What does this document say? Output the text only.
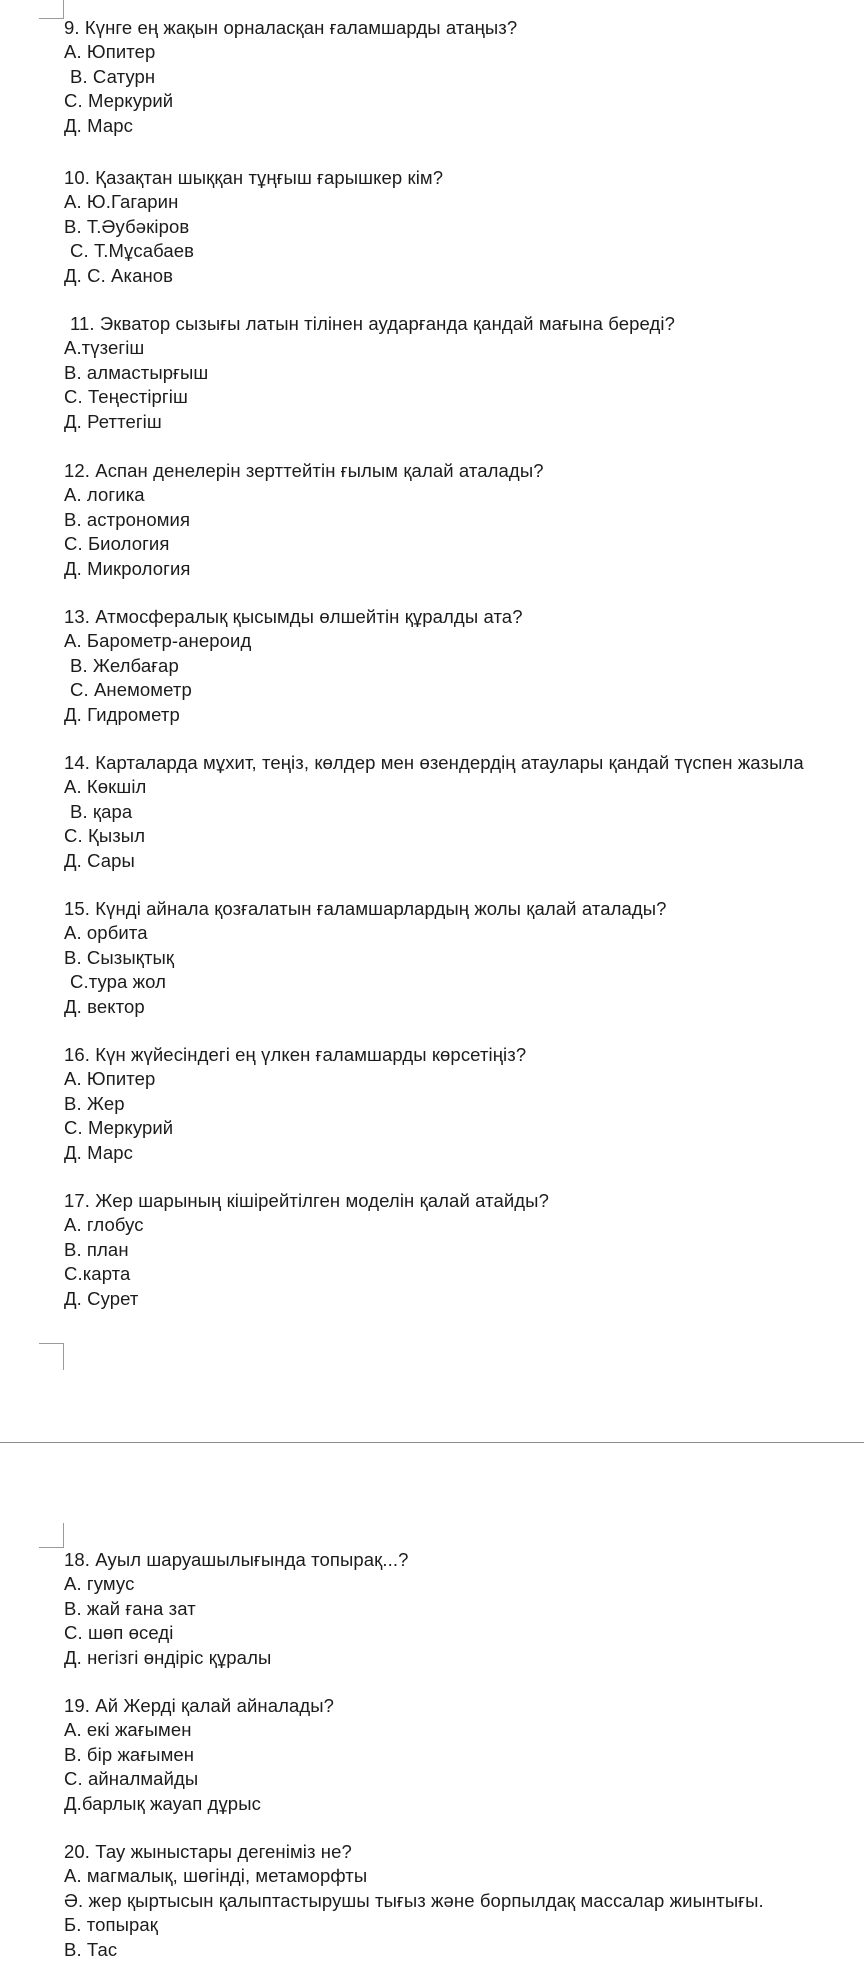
9. Күнге ең жақын орналасқан ғаламшарды атаңыз?
А. Юпитер
В. Сатурн
С. Меркурий
Д. Марс
10. Қазақтан шыққан тұңғыш ғарышкер кім?
А. Ю.Гагарин
В. Т.Әубәкіров
С. Т.Мұсабаев
Д. С. Аканов
11. Экватор сызығы латын тілінен аударғанда қандай мағына береді?
А.түзегіш
В. алмастырғыш
С. Теңестіргіш
Д. Реттегіш
12. Аспан денелерін зерттейтін ғылым қалай аталады?
А. логика
В. астрономия
С. Биология
Д. Микрология
13. Атмосфералық қысымды өлшейтін құралды ата?
А. Барометр-анероид
В. Желбағар
С. Анемометр
Д. Гидрометр
14. Карталарда мұхит, теңіз, көлдер мен өзендердің атаулары қандай түспен жазыла
А. Көкшіл
В. қара
С. Қызыл
Д. Сары
15. Күнді айнала қозғалатын ғаламшарлардың жолы қалай аталады?
А. орбита
В. Сызықтық
С.тура жол
Д. вектор
16. Күн жүйесіндегі ең үлкен ғаламшарды көрсетіңіз?
А. Юпитер
В. Жер
С. Меркурий
Д. Марс
17. Жер шарының кішірейтілген моделін қалай атайды?
А. глобус
В. план
С.карта
Д. Сурет
18. Ауыл шаруашылығында топырақ...?
А. гумус
В. жай ғана зат
С. шөп өседі
Д. негізгі өндіріс құралы
19. Ай Жерді қалай айналады?
А. екі жағымен
В. бір жағымен
С. айналмайды
Д.барлық жауап дұрыс
20. Тау жыныстары дегеніміз не?
А. магмалық, шөгінді, метаморфты
Ә. жер қыртысын қалыптастырушы тығыз және борпылдақ массалар жиынтығы.
Б. топырақ
В. Тас
